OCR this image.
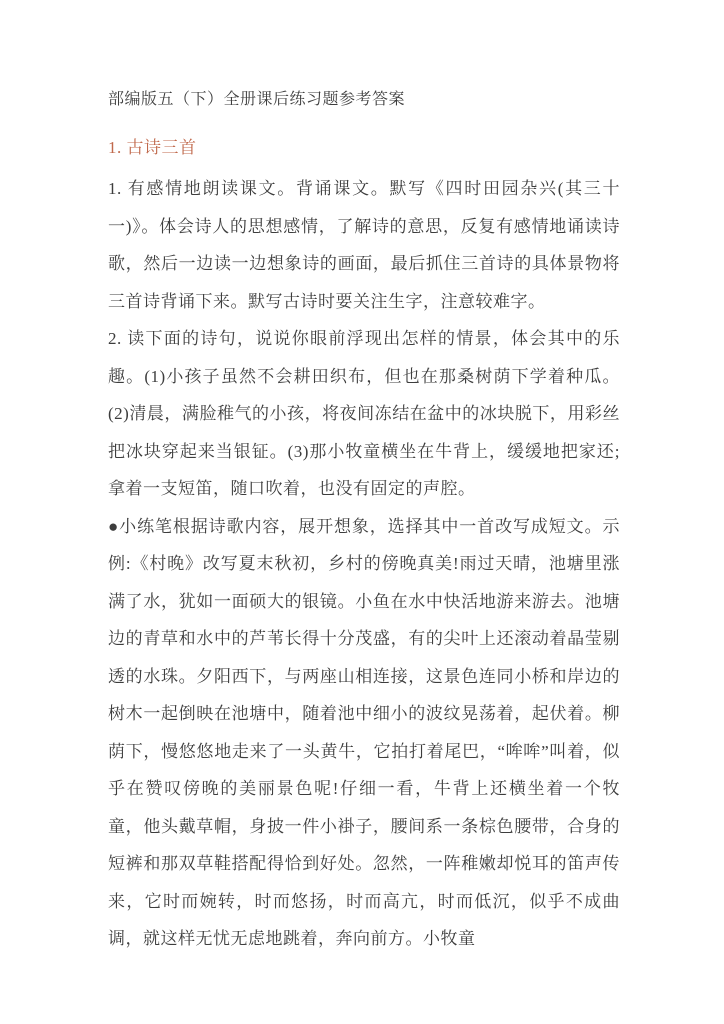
部编版五（下）全册课后练习题参考答案
1. 古诗三首

1. 有感情地朗读课文。背诵课文。默写《四时田园杂兴(其三十一)》。体会诗人的思想感情，了解诗的意思，反复有感情地诵读诗歌，然后一边读一边想象诗的画面，最后抓住三首诗的具体景物将三首诗背诵下来。默写古诗时要关注生字，注意较难字。

2. 读下面的诗句，说说你眼前浮现出怎样的情景，体会其中的乐趣。(1)小孩子虽然不会耕田织布，但也在那桑树荫下学着种瓜。(2)清晨，满脸稚气的小孩，将夜间冻结在盆中的冰块脱下，用彩丝把冰块穿起来当银钲。(3)那小牧童横坐在牛背上，缓缓地把家还;拿着一支短笛，随口吹着，也没有固定的声腔。

●小练笔根据诗歌内容，展开想象，选择其中一首改写成短文。示例:《村晚》改写夏末秋初，乡村的傍晚真美!雨过天晴，池塘里涨满了水，犹如一面硕大的银镜。小鱼在水中快活地游来游去。池塘边的青草和水中的芦苇长得十分茂盛，有的尖叶上还滚动着晶莹剔透的水珠。夕阳西下，与两座山相连接，这景色连同小桥和岸边的树木一起倒映在池塘中，随着池中细小的波纹晃荡着，起伏着。柳荫下，慢悠悠地走来了一头黄牛，它拍打着尾巴，“哞哞”叫着，似乎在赞叹傍晚的美丽景色呢!仔细一看，牛背上还横坐着一个牧童，他头戴草帽，身披一件小褂子，腰间系一条棕色腰带，合身的短裤和那双草鞋搭配得恰到好处。忽然，一阵稚嫩却悦耳的笛声传来，它时而婉转，时而悠扬，时而高亢，时而低沉，似乎不成曲调，就这样无忧无虑地跳着，奔向前方。小牧童
